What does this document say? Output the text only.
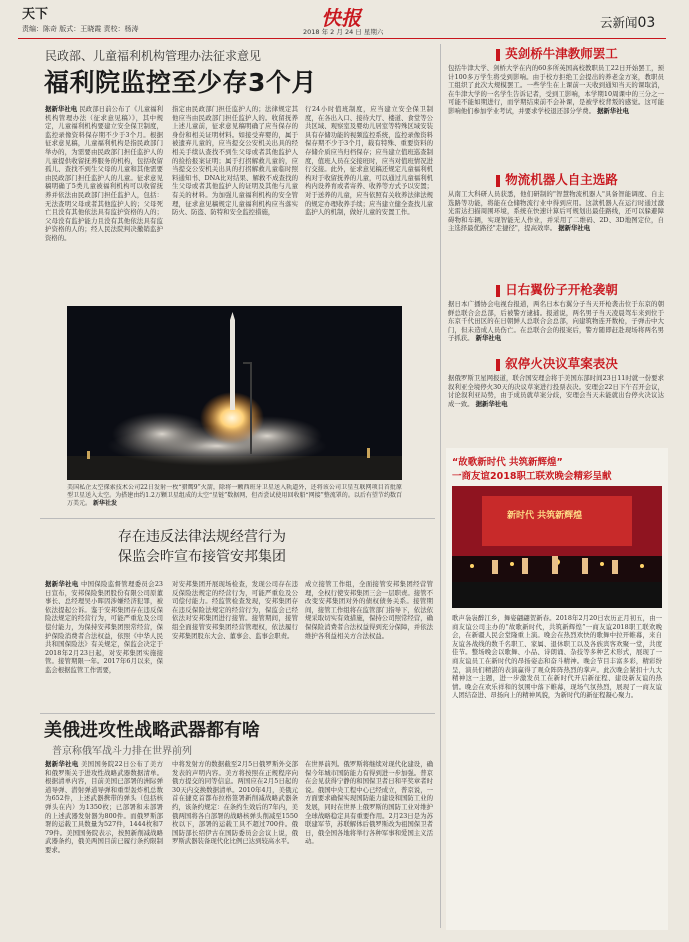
天下
责编：陈奇 版式：王晓霞 责校：杨涛	快报
2018 年 2 月 24 日 星期六
云新闻03
民政部、儿童福利机构管理办法征求意见
福利院监控至少存3个月
据新华社电 民政部日前公布了《儿童福利机构管理办法（征求意见稿）》，其中规定，儿童福利机构要建立安全保卫制度，监控录像资料保存期不少于3个月。根据征求意见稿，儿童福利机构是指民政部门举办的，为需要由民政部门担任监护人的儿童提供收留抚养服务的机构，包括收留孤儿、查找不到生父母的儿童和其他需要由民政部门担任监护人的儿童。征求意见稿明确了5类儿童被福利机构可以收留抚养并依法由民政部门担任监护人，包括：无法查明父母或者其他监护人的；父母死亡且没有其他依法具有监护资格的人的；父母没有监护能力且没有其他依法具有监护资格的人的；经人民法院判决撤销监护资格的。
指定由民政部门担任监护人的；法律规定其他应当由民政部门担任监护人的。收留抚养上述儿童前，征求意见稿明确了应当保存的身份和相关证明材料。如接受弃婴的，属于被遗弃儿童的，应当提交公安机关出具的经相关手续认查找不到生父母或者其他监护人的捡拾报案证明；属于打拐解救儿童的，应当提交公安机关出具的打拐解救儿童临时照料通知书、DNA比对结果、解救不成查找的生父母或者其他监护人的证明及其他与儿童有关的材料。为加强儿童福利机构的安全管理，征求意见稿规定儿童福利机构应当落实防火、防盗、防特和安全监控措施，
行24小时值班制度，应当建立安全保卫制度，在各出入口、接待大厅、楼道、食堂等公共区域、观察室及婴幼儿居室等特殊区域安装具有存储功能的视频监控系统，监控录像资料保存期不少于3个月，载有特殊、重要资料的存储介质应当归档保存；应当建立值班巡查制度，值班人员在交接班时，应当对值班情况进行交接。此外，征求意见稿还规定儿童福利机构对于收留抚养的儿童，可以通过儿童福利机构内设养育或者寄养、收养等方式予以安置；对于送养的儿童，应当依照有关收养法律法规的规定办理收养手续；应当建立健全查找儿童监护人的机制，做好儿童的安置工作。
美国私企太空探索技术公司22日发射一枚“猎鹰9”火箭，除将一颗西班牙卫星送入轨道外，还将该公司卫星互联网项目首批原型卫星送入太空。为搭建由约1.2万颗卫星组成的太空“星链”数据网，但否尝试使用回收船“网接”整流罩的。以后有望节约数百万美元。 新华社发
存在违反法律法规经营行为
保监会昨宣布接管安邦集团
据新华社电 中国保险监督管理委员会23日宣布，安邦保险集团股份有限公司原董事长、总经理吴小晖因涉嫌经济犯罪，被依法提起公诉。鉴于安邦集团存在违反保险法规定的经营行为，可能严重危及公司偿付能力，为保持安邦集团照常经营，保护保险消费者合法权益，依照《中华人民共和国保险法》有关规定，保监会决定于2018年2月23日起，对安邦集团实施接管。接管期限一年。2017年6月以来，保监会根据监管工作需要，
对安邦集团开展现场检查，发现公司存在违反保险法规定的经营行为，可能严重危及公司偿付能力。经监管检查发现，安邦集团存在违反保险法规定的经营行为，保监会已经依法对安邦集团进行接管。接管期间，接管组全面接管安邦集团经营管理权，依法履行安邦集团股东大会、董事会、监事会职责。
成立接管工作组，全面接管安邦集团经营管理，全权行使安邦集团三会一层职责。接管不改变安邦集团对外的债权债务关系。接管期间，接管工作组将在监管部门指导下，依法依规采取切实有效措施，保持公司照常经营，确保保险消费者合法权益得到充分保障，并依法维护各利益相关方合法权益。
美俄进攻性战略武器都有啥
普京称俄军战斗力排在世界前列
据新华社电 美国国务院22日公布了美方和俄罗斯关于进攻性战略武器数据清单。根据清单内容，目前美国已部署的洲际弹道导弹、潜射弹道导弹和重型轰炸机总数为652件，上述武器携带的弹头（包括核弹头在内）为1350枚；已部署和未部署的上述武器发射器为800件。而俄罗斯部署的运载工具数量为527件，1444枚和779件。美国国务院表示，按照新削减战略武器条约，俄美两国目前已履行条约限制要求。
中将发射方的数据截至2月5日俄罗斯外交部发表的声明内容。美方将按照在正规程序向俄方提交的同等信息。两国应在2月5日起的30天内交换数据清单。2010年4月，美俄元首在捷克首都布拉格签署新削减战略武器条约，该条约规定：在条约生效后的7年内，美俄两国将各自部署的战略核弹头削减至1550枚以下，部署的运载工具不超过700件。俄国防部长绍伊古在国防委员会会议上说，俄罗斯武器装备现代化比例已达到较高水平。
在世界前列。俄罗斯将继续对现代化建设，确保今年城市国防能力有得到进一步加强。普京在会见获得宁静的和国保卫者日和平奖章者时说。俄国中央工程中心已经成立，普京说，一方面要求确保实现国防能力建设和国防工业的发展，同时在世界上俄罗斯的国防工业对维护全球战略稳定具有重要作用。2月23日是为苏联建军节，苏联解体后俄罗斯改为祖国保卫者日，俄全国各地将举行各种军事和爱国主义活动。
英剑桥牛津教师罢工
包括牛津大学、剑桥大学在内的60多所英国高校教职员工22日开始罢工，预计100多万学生将受到影响。由于校方拒绝工会提出的养老金方案，教职员工组织了此次大规模罢工。一些学生在上课前一天收到通知当天的课取消，在牛津大学的一名学生告诉记者，受到工影响，本学期10周课中的三分之一可能不能如期进行，而学期结束前不会补课，是被学校背叛的感觉。这可能影响他们参加学业考试，并要求学校退还部分学费。 据新华社电
物流机器人自主选路
从南工大科研人员获悉，他们研制的"智慧物流机器人"具备智能调度、自主选路等功能，将能在仓储物流行业中得到应用。这款机器人在运行时通过激光雷达扫描周围环境，系统在快速计算后可规划出最佳路线，还可以躲避障碍物和车辆，实现智能无人作业，并采用了二维码、2D、3D地图定位，自主选择最优路径"走捷径"，提高效率。 据新华社电
日右翼份子开枪袭朝
据日本广播协会电视台报道，两名日本右翼分子当天开枪袭击位于东京的朝鲜总联合会总部，后被警方逮捕。报道说，两名男子当天凌晨驾车来到位于东京千代田区的在日朝鲜人总联合会总部，向建筑物连开数枪，子弹击中大门，但未造成人员伤亡。在总联合会的报案后，警方随即赶赴现场将两名男子抓获。 新华社电
叙停火决议草案表决
据俄罗斯卫星网报道，联合国安理会将于美国东部时间23日11时就一份要求叙利亚全境停火30天的决议草案进行投票表决。安理会22日下午召开会议，讨论叙利亚局势，由于成员就草案分歧，安理会当天未能就出台停火决议达成一致。 据新华社电
“故歌新时代 共筑新辉煌”
一商友谊2018职工联欢晚会精彩呈献
新时代 共筑新辉煌
歌声袅袅醉江乡，舞姿翩翩贺新春。2018年2月20日农历正月初五，由一商友谊公司主办的“故歌新时代，共筑新辉煌”一商友谊2018职工联欢晚会，在新疆人民会堂隆重上演。晚会在热烈欢快的歌舞中拉开帷幕，来自友谊各战线的数千名职工、家属、退休职工以及各族宾客欢聚一堂，共度佳节。整场晚会以歌舞、小品、诗朗诵、杂技等多种艺术形式，展现了一商友谊员工在新时代的昂扬姿态和奋斗精神。晚会节目丰富多彩，精彩纷呈，演员们精湛的表演赢得了观众阵阵热烈的掌声。此次晚会紧扣十九大精神这一主题，进一步激发员工在新时代开启新征程、建设新友谊的热情。晚会在欢乐祥和的氛围中落下帷幕，现场气氛热烈，展现了一商友谊人团结奋进、昂扬向上的精神风貌，为新时代的新征程凝心聚力。
